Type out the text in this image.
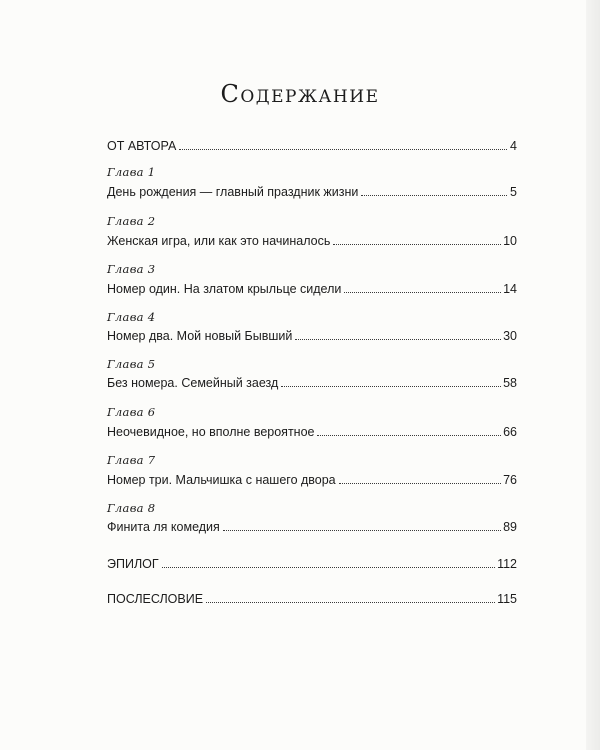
Содержание
ОТ АВТОРА	4
Глава 1
День рождения — главный праздник жизни	5
Глава 2
Женская игра, или как это начиналось	10
Глава 3
Номер один. На златом крыльце сидели	14
Глава 4
Номер два. Мой новый Бывший	30
Глава 5
Без номера. Семейный заезд	58
Глава 6
Неочевидное, но вполне вероятное	66
Глава 7
Номер три. Мальчишка с нашего двора	76
Глава 8
Финита ля комедия	89
ЭПИЛОГ	112
ПОСЛЕСЛОВИЕ	115
